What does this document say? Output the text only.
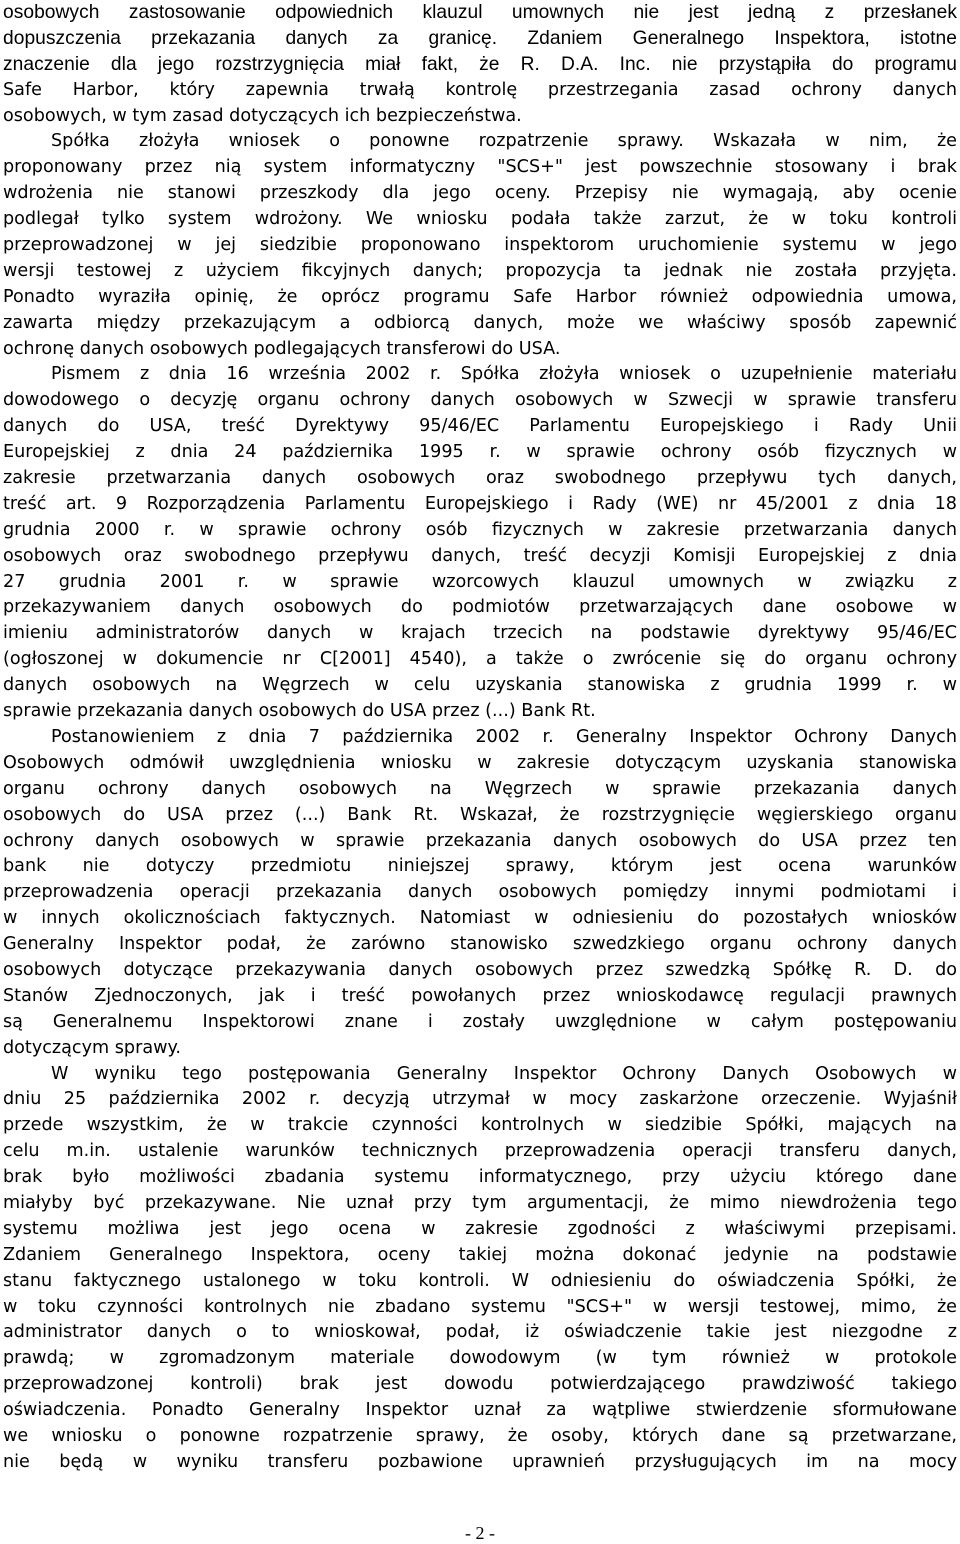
osobowych zastosowanie odpowiednich klauzul umownych nie jest jedną z przesłanek
dopuszczenia przekazania danych za granicę. Zdaniem Generalnego Inspektora, istotne
znaczenie dla jego rozstrzygnięcia miał fakt, że R. D.A. Inc. nie przystąpiła do programu
Safe Harbor, który zapewnia trwałą kontrolę przestrzegania zasad ochrony danych
osobowych, w tym zasad dotyczących ich bezpieczeństwa.
Spółka złożyła wniosek o ponowne rozpatrzenie sprawy. Wskazała w nim, że
proponowany przez nią system informatyczny "SCS+" jest powszechnie stosowany i brak
wdrożenia nie stanowi przeszkody dla jego oceny. Przepisy nie wymagają, aby ocenie
podlegał tylko system wdrożony. We wniosku podała także zarzut, że w toku kontroli
przeprowadzonej w jej siedzibie proponowano inspektorom uruchomienie systemu w jego
wersji testowej z użyciem fikcyjnych danych; propozycja ta jednak nie została przyjęta.
Ponadto wyraziła opinię, że oprócz programu Safe Harbor również odpowiednia umowa,
zawarta między przekazującym a odbiorcą danych, może we właściwy sposób zapewnić
ochronę danych osobowych podlegających transferowi do USA.
Pismem z dnia 16 września 2002 r. Spółka złożyła wniosek o uzupełnienie materiału
dowodowego o decyzję organu ochrony danych osobowych w Szwecji w sprawie transferu
danych do USA, treść Dyrektywy 95/46/EC Parlamentu Europejskiego i Rady Unii
Europejskiej z dnia 24 października 1995 r. w sprawie ochrony osób fizycznych w
zakresie przetwarzania danych osobowych oraz swobodnego przepływu tych danych,
treść art. 9 Rozporządzenia Parlamentu Europejskiego i Rady (WE) nr 45/2001 z dnia 18
grudnia 2000 r. w sprawie ochrony osób fizycznych w zakresie przetwarzania danych
osobowych oraz swobodnego przepływu danych, treść decyzji Komisji Europejskiej z dnia
27 grudnia 2001 r. w sprawie wzorcowych klauzul umownych w związku z
przekazywaniem danych osobowych do podmiotów przetwarzających dane osobowe w
imieniu administratorów danych w krajach trzecich na podstawie dyrektywy 95/46/EC
(ogłoszonej w dokumencie nr C[2001] 4540), a także o zwrócenie się do organu ochrony
danych osobowych na Węgrzech w celu uzyskania stanowiska z grudnia 1999 r. w
sprawie przekazania danych osobowych do USA przez (...) Bank Rt.
Postanowieniem z dnia 7 października 2002 r. Generalny Inspektor Ochrony Danych
Osobowych odmówił uwzględnienia wniosku w zakresie dotyczącym uzyskania stanowiska
organu ochrony danych osobowych na Węgrzech w sprawie przekazania danych
osobowych do USA przez (...) Bank Rt. Wskazał, że rozstrzygnięcie węgierskiego organu
ochrony danych osobowych w sprawie przekazania danych osobowych do USA przez ten
bank nie dotyczy przedmiotu niniejszej sprawy, którym jest ocena warunków
przeprowadzenia operacji przekazania danych osobowych pomiędzy innymi podmiotami i
w innych okolicznościach faktycznych. Natomiast w odniesieniu do pozostałych wniosków
Generalny Inspektor podał, że zarówno stanowisko szwedzkiego organu ochrony danych
osobowych dotyczące przekazywania danych osobowych przez szwedzką Spółkę R. D. do
Stanów Zjednoczonych, jak i treść powołanych przez wnioskodawcę regulacji prawnych
są Generalnemu Inspektorowi znane i zostały uwzględnione w całym postępowaniu
dotyczącym sprawy.
W wyniku tego postępowania Generalny Inspektor Ochrony Danych Osobowych w
dniu 25 października 2002 r. decyzją utrzymał w mocy zaskarżone orzeczenie. Wyjaśnił
przede wszystkim, że w trakcie czynności kontrolnych w siedzibie Spółki, mających na
celu m.in. ustalenie warunków technicznych przeprowadzenia operacji transferu danych,
brak było możliwości zbadania systemu informatycznego, przy użyciu którego dane
miałyby być przekazywane. Nie uznał przy tym argumentacji, że mimo niewdrożenia tego
systemu możliwa jest jego ocena w zakresie zgodności z właściwymi przepisami.
Zdaniem Generalnego Inspektora, oceny takiej można dokonać jedynie na podstawie
stanu faktycznego ustalonego w toku kontroli. W odniesieniu do oświadczenia Spółki, że
w toku czynności kontrolnych nie zbadano systemu "SCS+" w wersji testowej, mimo, że
administrator danych o to wnioskował, podał, iż oświadczenie takie jest niezgodne z
prawdą; w zgromadzonym materiale dowodowym (w tym również w protokole
przeprowadzonej kontroli) brak jest dowodu potwierdzającego prawdziwość takiego
oświadczenia. Ponadto Generalny Inspektor uznał za wątpliwe stwierdzenie sformułowane
we wniosku o ponowne rozpatrzenie sprawy, że osoby, których dane są przetwarzane,
nie będą w wyniku transferu pozbawione uprawnień przysługujących im na mocy
- 2 -
